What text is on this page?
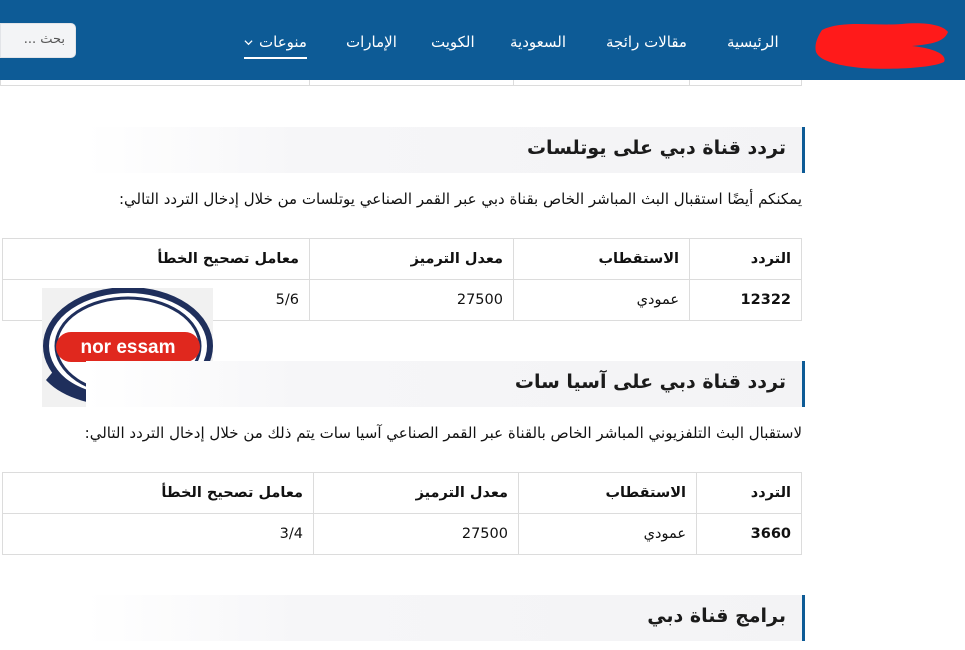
الرئيسية
مقالات رائجة
السعودية
الكويت
الإمارات
منوعات
بحث ...
تردد قناة دبي على يوتلسات
يمكنكم أيضًا استقبال البث المباشر الخاص بقناة دبي عبر القمر الصناعي يوتلسات من خلال إدخال التردد التالي:
التردد	الاستقطاب	معدل الترميز	معامل تصحيح الخطأ
12322	عمودي	27500	5/6
nor essam
تردد قناة دبي على آسيا سات
لاستقبال البث التلفزيوني المباشر الخاص بالقناة عبر القمر الصناعي آسيا سات يتم ذلك من خلال إدخال التردد التالي:
التردد	الاستقطاب	معدل الترميز	معامل تصحيح الخطأ
3660	عمودي	27500	3/4
برامج قناة دبي
